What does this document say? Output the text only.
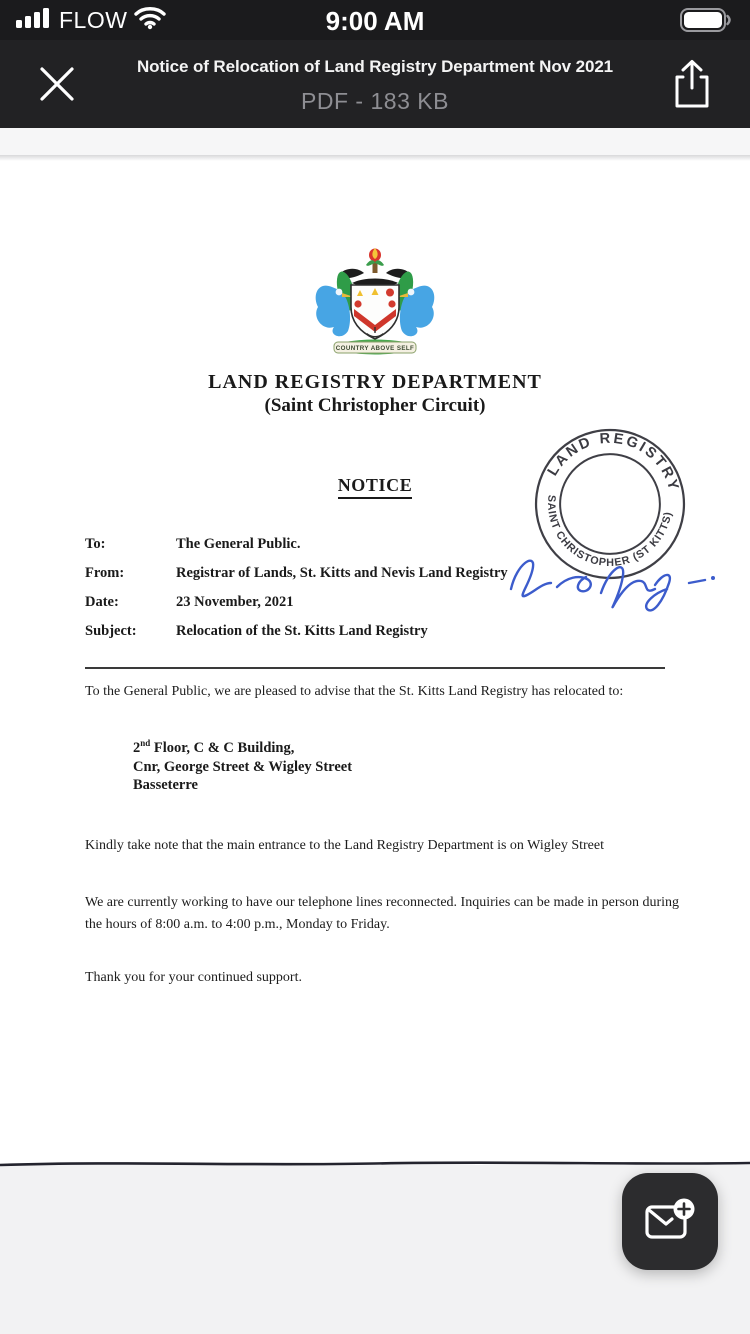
FLOW	9:00 AM
Notice of Relocation of Land Registry Department Nov 2021
PDF - 183 KB
COUNTRY ABOVE SELF
LAND REGISTRY DEPARTMENT
(Saint Christopher Circuit)
NOTICE
LAND REGISTRY
SAINT CHRISTOPHER (ST KITTS)
To:	The General Public.
From:	Registrar of Lands, St. Kitts and Nevis Land Registry
Date:	23 November, 2021
Subject:	Relocation of the St. Kitts Land Registry
To the General Public, we are pleased to advise that the St. Kitts Land Registry has relocated to:
2nd Floor, C & C Building,
Cnr, George Street & Wigley Street
Basseterre
Kindly take note that the main entrance to the Land Registry Department is on Wigley Street
We are currently working to have our telephone lines reconnected. Inquiries can be made in person during the hours of 8:00 a.m. to 4:00 p.m., Monday to Friday.
Thank you for your continued support.
